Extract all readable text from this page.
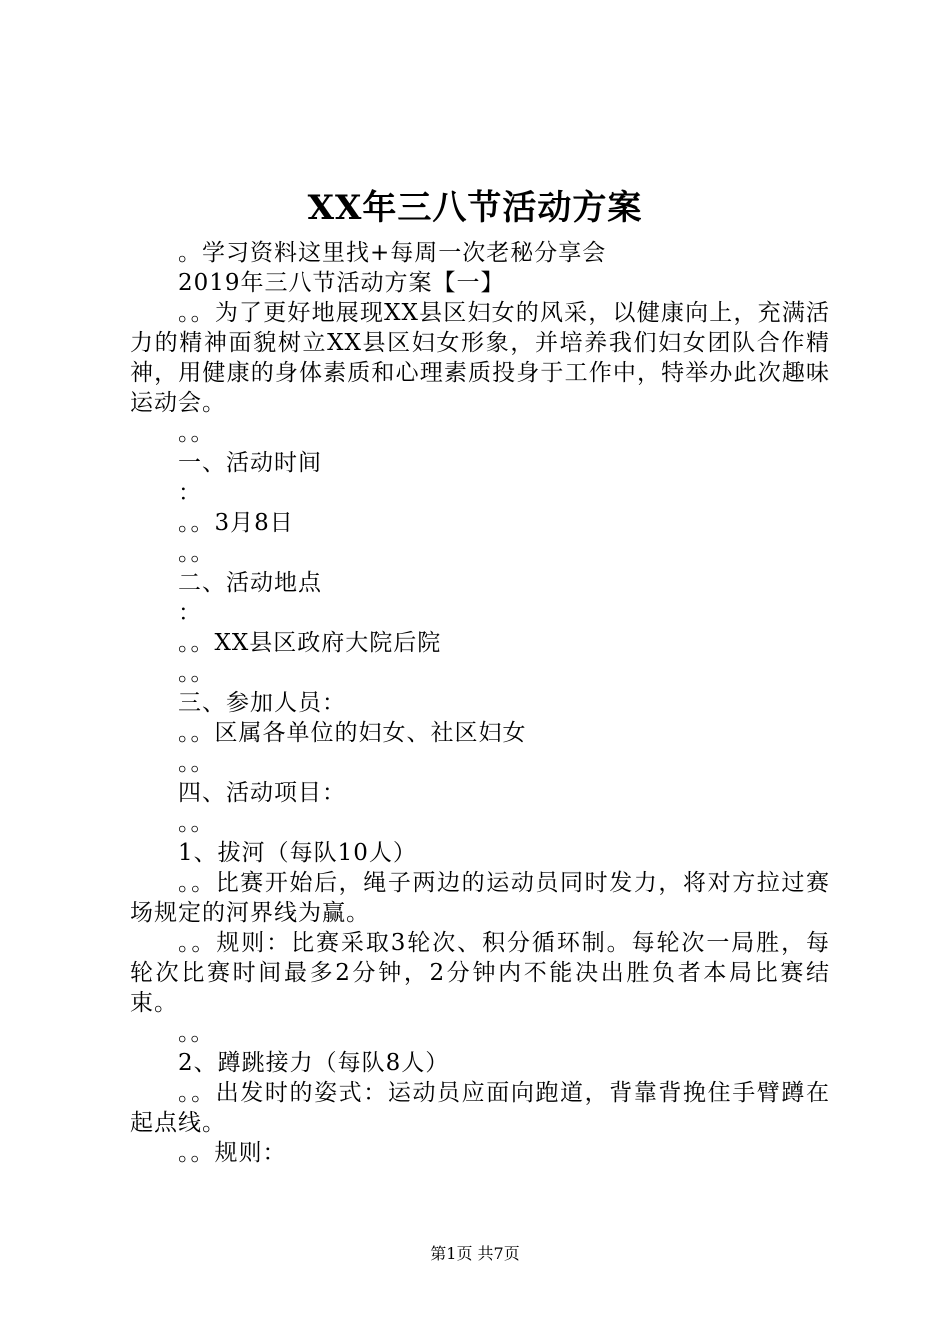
XX年三八节活动方案
。学习资料这里找+每周一次老秘分享会
2019年三八节活动方案【一】
。。为了更好地展现XX县区妇女的风采，以健康向上，充满活力的精神面貌树立XX县区妇女形象，并培养我们妇女团队合作精神，用健康的身体素质和心理素质投身于工作中，特举办此次趣味运动会。
。。
一、活动时间
：
。。3月8日
。。
二、活动地点
：
。。XX县区政府大院后院
。。
三、参加人员：
。。区属各单位的妇女、社区妇女
。。
四、活动项目：
。。
1、拔河（每队10人）
。。比赛开始后，绳子两边的运动员同时发力，将对方拉过赛场规定的河界线为赢。
。。规则：比赛采取3轮次、积分循环制。每轮次一局胜，每轮次比赛时间最多2分钟，2分钟内不能决出胜负者本局比赛结束。
。。
2、蹲跳接力（每队8人）
。。出发时的姿式：运动员应面向跑道，背靠背挽住手臂蹲在起点线。
。。规则：
第1页 共7页
